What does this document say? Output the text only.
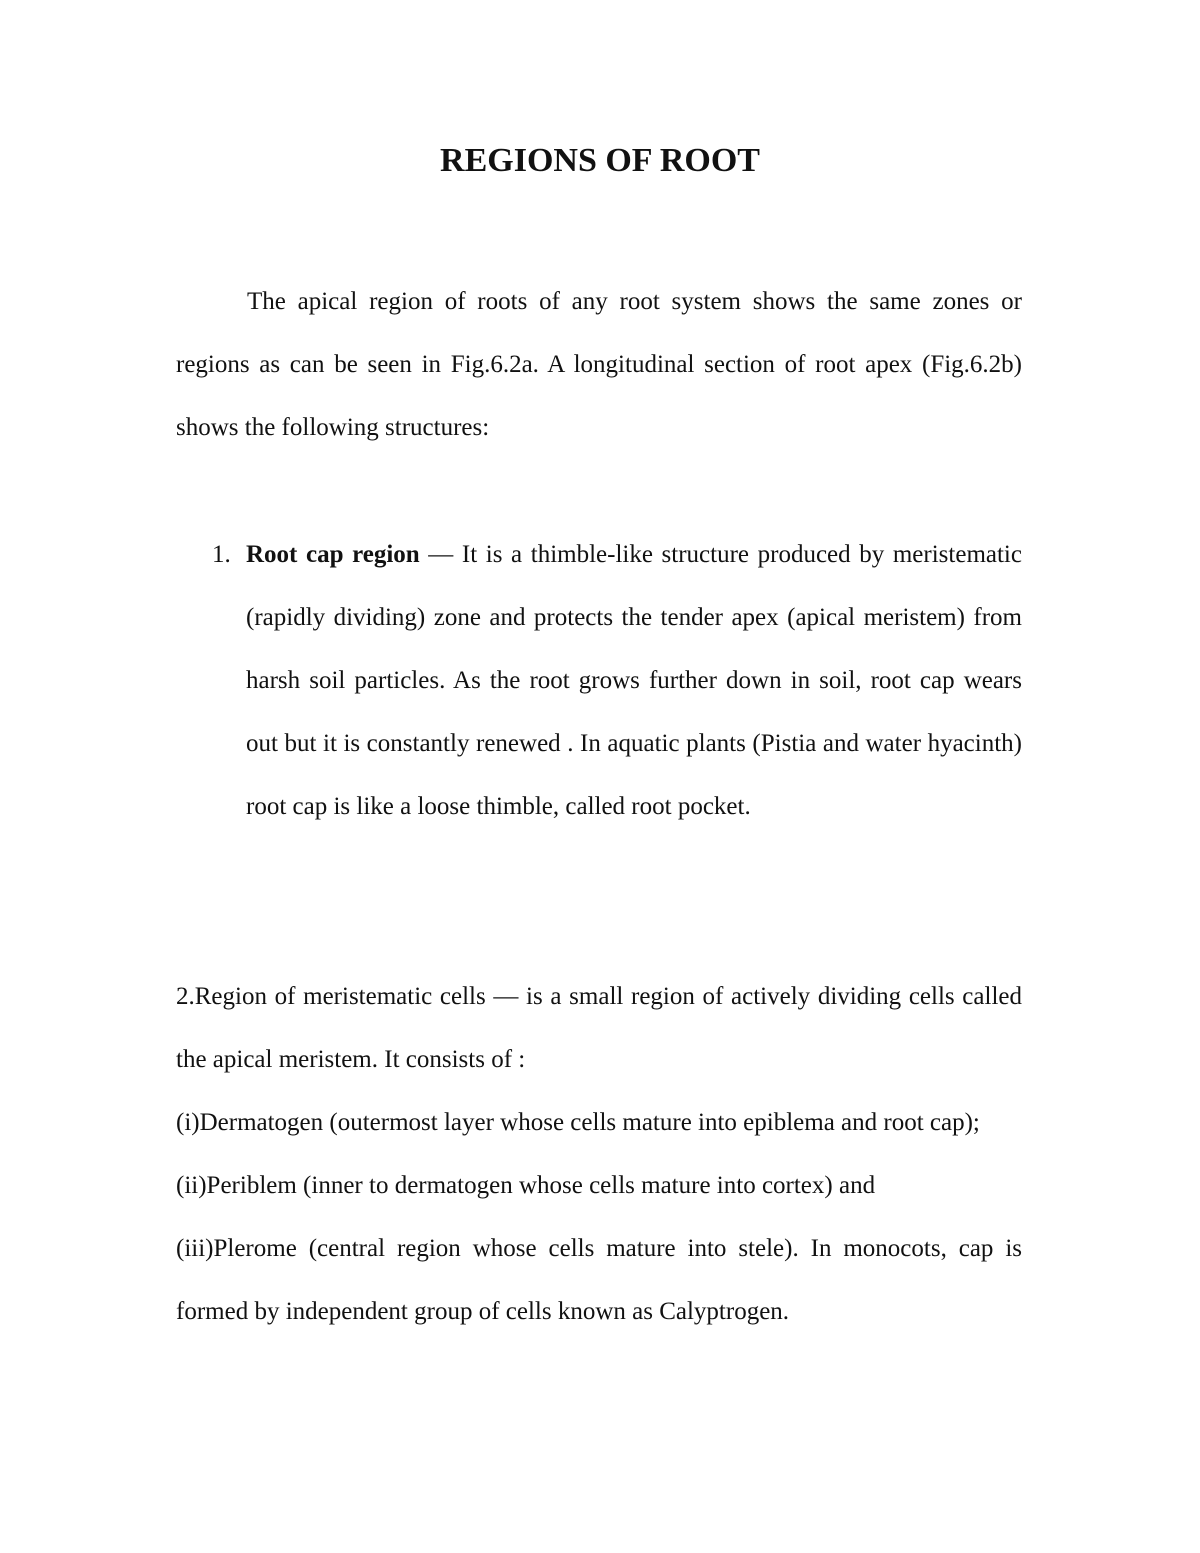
REGIONS OF ROOT

The apical region of roots of any root system shows the same zones or regions as can be seen in Fig.6.2a. A longitudinal section of root apex (Fig.6.2b) shows the following structures:

1. Root cap region — It is a thimble-like structure produced by meristematic (rapidly dividing) zone and protects the tender apex (apical meristem) from harsh soil particles. As the root grows further down in soil, root cap wears out but it is constantly renewed . In aquatic plants (Pistia and water hyacinth) root cap is like a loose thimble, called root pocket.

2.Region of meristematic cells — is a small region of actively dividing cells called the apical meristem. It consists of :
(i)Dermatogen (outermost layer whose cells mature into epiblema and root cap);
(ii)Periblem (inner to dermatogen whose cells mature into cortex) and
(iii)Plerome (central region whose cells mature into stele). In monocots, cap is formed by independent group of cells known as Calyptrogen.
